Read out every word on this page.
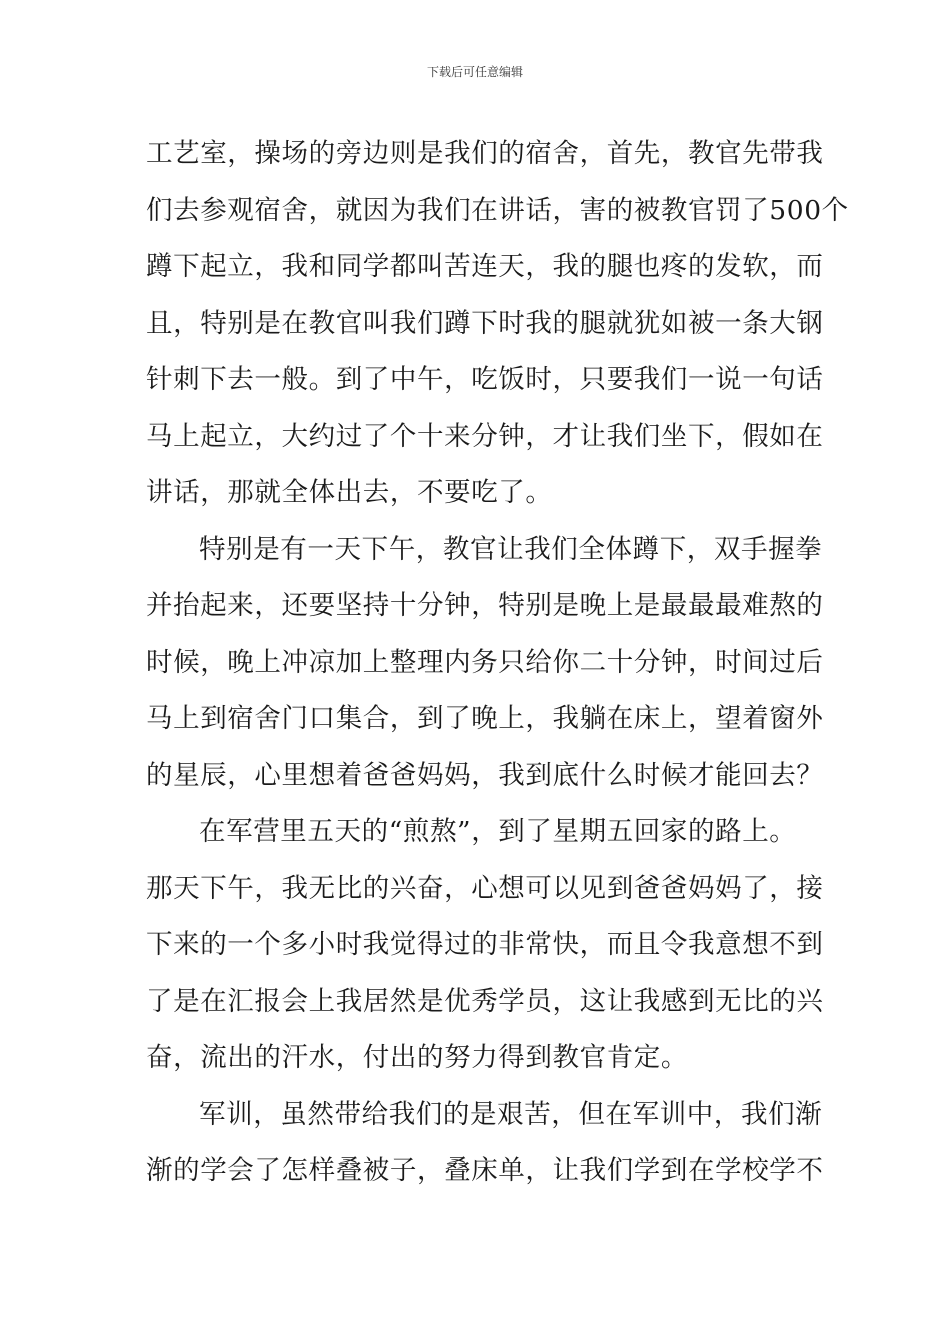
下载后可任意编辑
工艺室，操场的旁边则是我们的宿舍，首先，教官先带我
们去参观宿舍，就因为我们在讲话，害的被教官罚了500个
蹲下起立，我和同学都叫苦连天，我的腿也疼的发软，而
且，特别是在教官叫我们蹲下时我的腿就犹如被一条大钢
针刺下去一般。到了中午，吃饭时，只要我们一说一句话
马上起立，大约过了个十来分钟，才让我们坐下，假如在
讲话，那就全体出去，不要吃了。
特别是有一天下午，教官让我们全体蹲下，双手握拳
并抬起来，还要坚持十分钟，特别是晚上是最最最难熬的
时候，晚上冲凉加上整理内务只给你二十分钟，时间过后
马上到宿舍门口集合，到了晚上，我躺在床上，望着窗外
的星辰，心里想着爸爸妈妈，我到底什么时候才能回去？
在军营里五天的“煎熬”，到了星期五回家的路上。
那天下午，我无比的兴奋，心想可以见到爸爸妈妈了，接
下来的一个多小时我觉得过的非常快，而且令我意想不到
了是在汇报会上我居然是优秀学员，这让我感到无比的兴
奋，流出的汗水，付出的努力得到教官肯定。
军训，虽然带给我们的是艰苦，但在军训中，我们渐
渐的学会了怎样叠被子，叠床单，让我们学到在学校学不
